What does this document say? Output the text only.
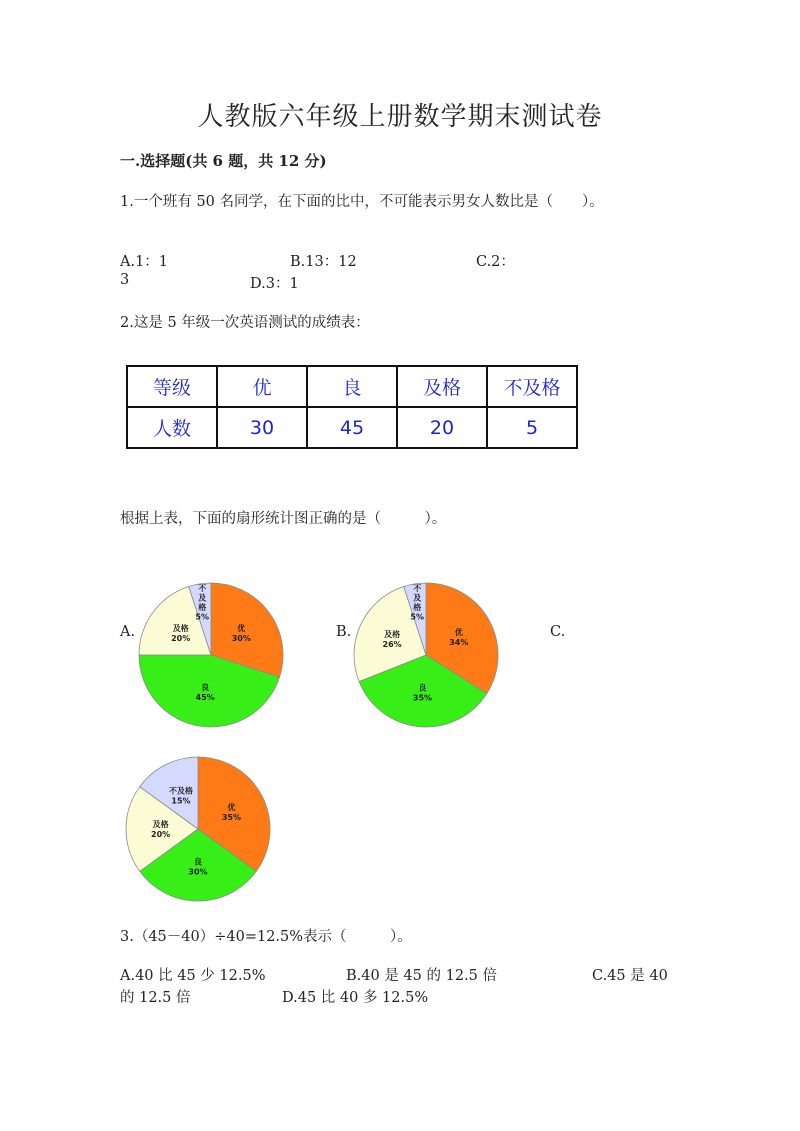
人教版六年级上册数学期末测试卷
一.选择题(共 6 题，共 12 分)
1.一个班有 50 名同学，在下面的比中，不可能表示男女人数比是（　　）。
A.1：1	B.13：12	C.2：
3	D.3：1
2.这是 5 年级一次英语测试的成绩表：
等级	优	良	及格	不及格
人数	30	45	20	5
根据上表，下面的扇形统计图正确的是（　　　）。
A.	B.	C.
优
30%
良
45%
及格
20%
不
及
格
5%
优
34%
良
35%
及格
26%
不
及
格
5%
优
35%
良
30%
及格
20%
不及格
15%
3.（45－40）÷40=12.5%表示（　　　）。
A.40 比 45 少 12.5%	B.40 是 45 的 12.5 倍	C.45 是 40
的 12.5 倍	D.45 比 40 多 12.5%
